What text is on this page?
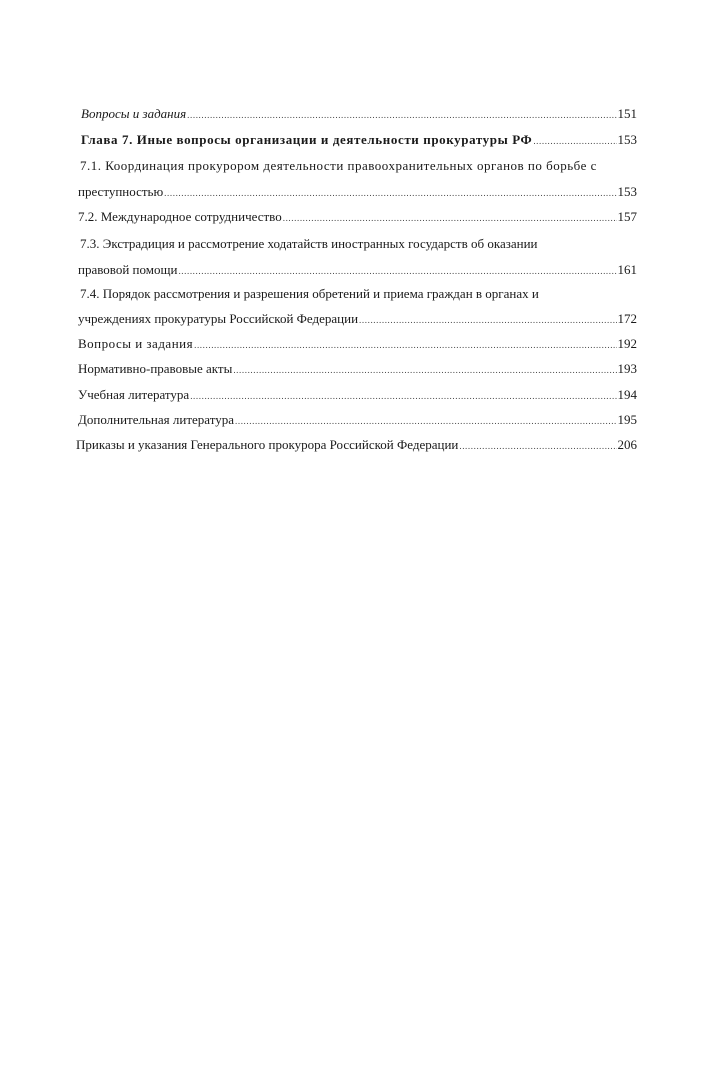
Вопросы и задания .....	151
Глава 7. Иные вопросы организации и деятельности прокуратуры РФ .....	153
7.1. Координация прокурором деятельности правоохранительных органов по борьбе с
преступностью .....	153
7.2. Международное сотрудничество .....	157
7.3. Экстрадиция и рассмотрение ходатайств иностранных государств об оказании
правовой помощи .....	161
7.4. Порядок рассмотрения и разрешения обретений и приема граждан в органах и
учреждениях прокуратуры Российской Федерации .....	172
Вопросы и задания .....	192
Нормативно-правовые акты .....	193
Учебная литература .....	194
Дополнительная литература .....	195
Приказы и указания Генерального прокурора Российской Федерации .....	206
